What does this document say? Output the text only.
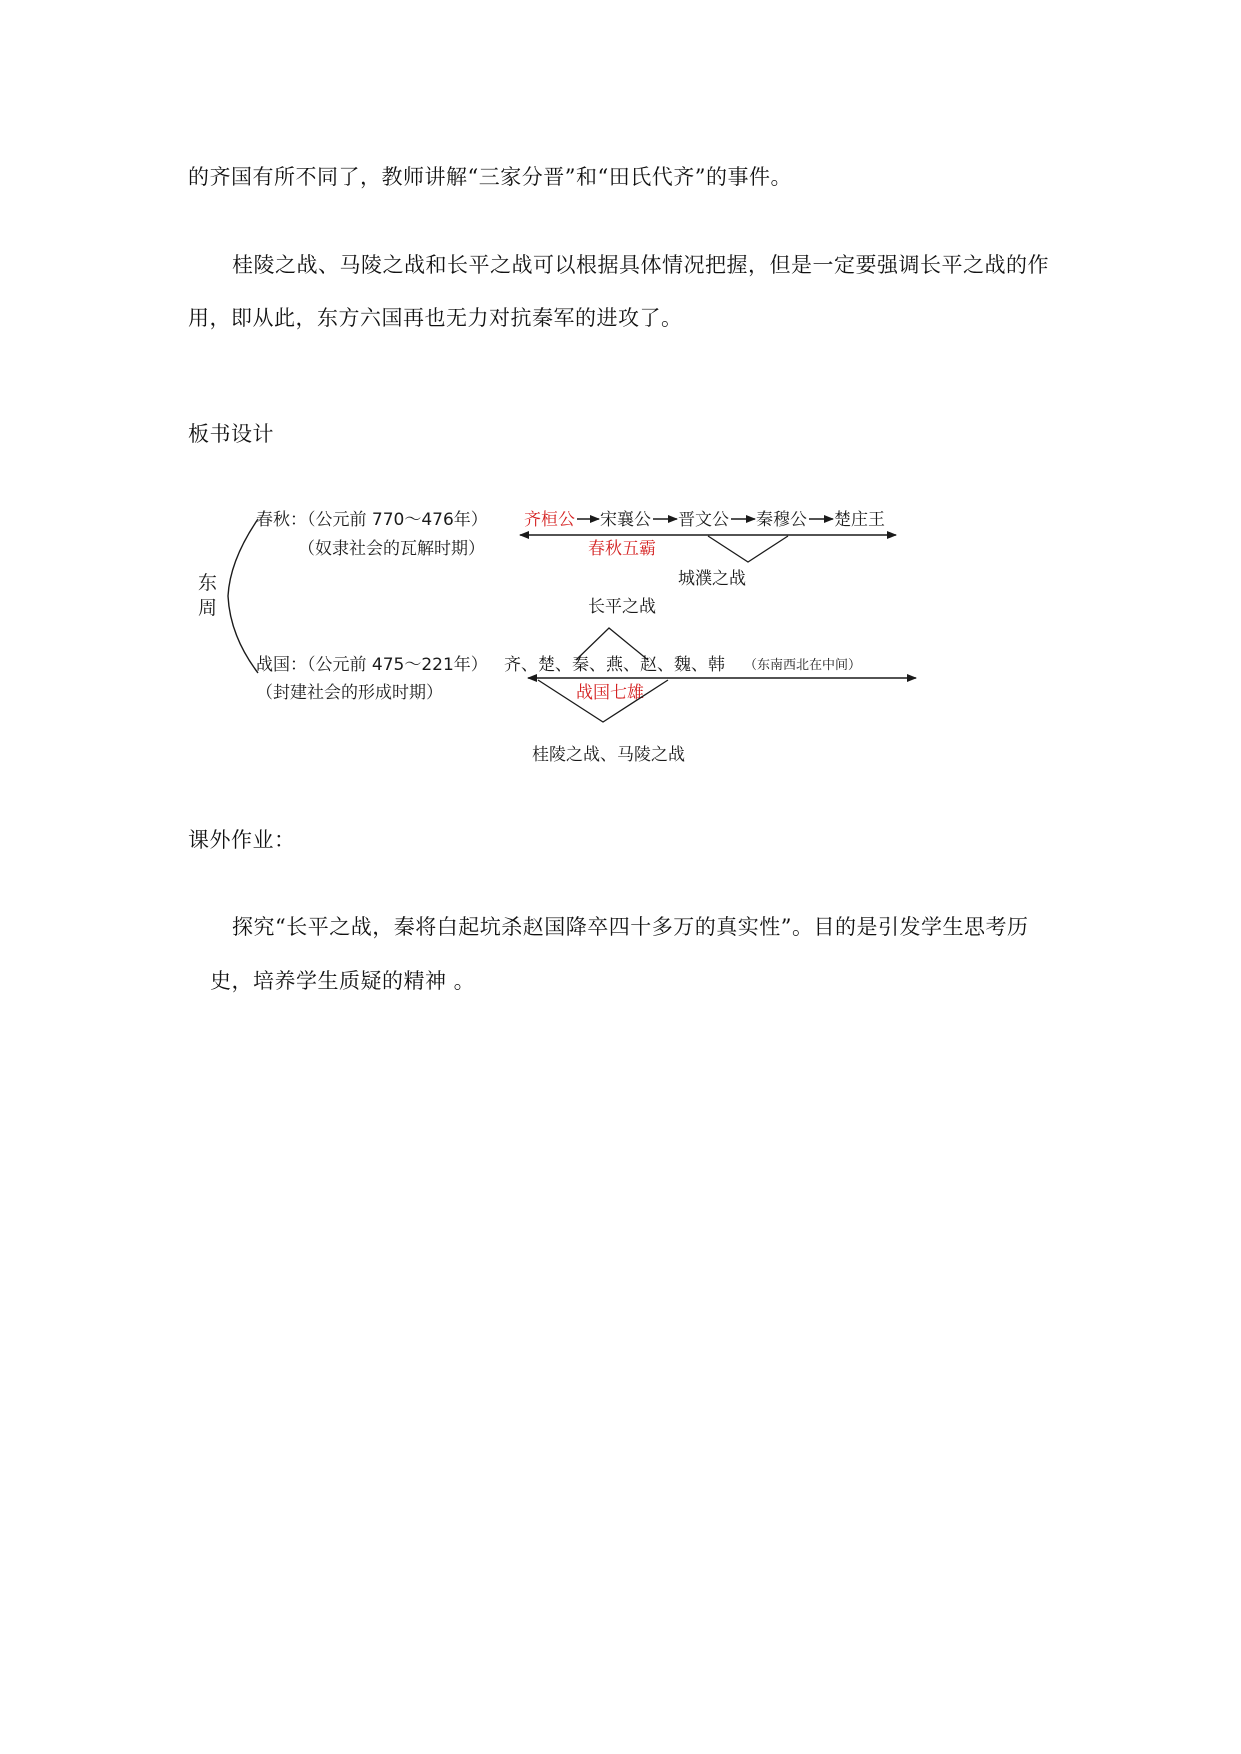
的齐国有所不同了，教师讲解“三家分晋”和“田氏代齐”的事件。
桂陵之战、马陵之战和长平之战可以根据具体情况把握，但是一定要强调长平之战的作
用，即从此，东方六国再也无力对抗秦军的进攻了。
板书设计
东
周
春秋：（公元前 770～476年）
（奴隶社会的瓦解时期）
齐桓公 宋襄公 晋文公 秦穆公 楚庄王
春秋五霸
城濮之战
长平之战
战国：（公元前 475～221年） 齐、楚、秦、燕、赵、魏、韩 （东南西北在中间）
（封建社会的形成时期）	战国七雄
桂陵之战、马陵之战
课外作业：
探究“长平之战，秦将白起坑杀赵国降卒四十多万的真实性”。目的是引发学生思考历
史，培养学生质疑的精神 。
